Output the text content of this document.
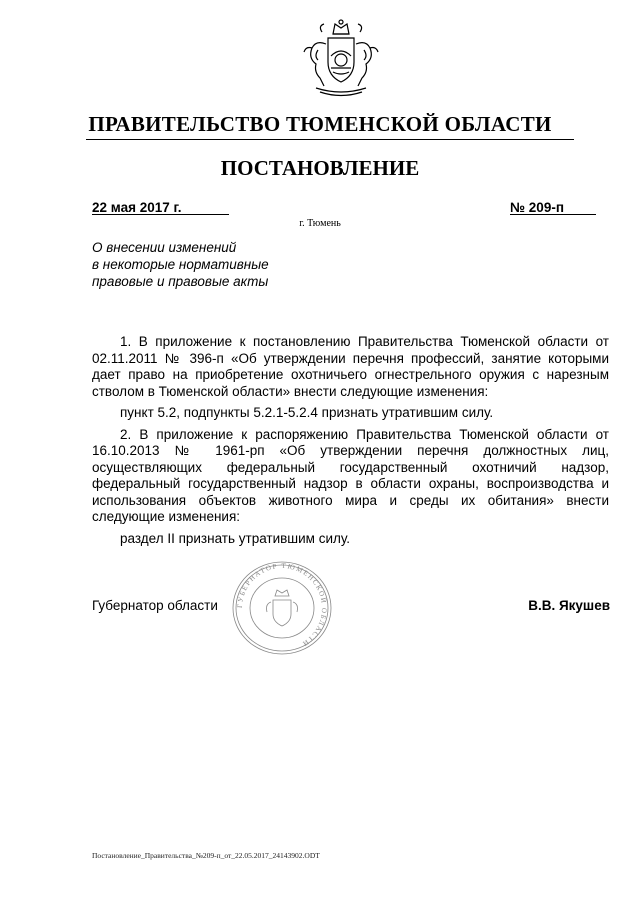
ПРАВИТЕЛЬСТВО ТЮМЕНСКОЙ ОБЛАСТИ
ПОСТАНОВЛЕНИЕ
22 мая 2017 г.	№ 209-п
г. Тюмень
О внесении изменений
в некоторые нормативные
правовые и правовые акты

1. В приложение к постановлению Правительства Тюменской области от 02.11.2011 № 396-п «Об утверждении перечня профессий, занятие которыми дает право на приобретение охотничьего огнестрельного оружия с нарезным стволом в Тюменской области» внести следующие изменения:

пункт 5.2, подпункты 5.2.1-5.2.4 признать утратившим силу.

2. В приложение к распоряжению Правительства Тюменской области от 16.10.2013 № 1961-рп «Об утверждении перечня должностных лиц, осуществляющих федеральный государственный охотничий надзор, федеральный государственный надзор в области охраны, воспроизводства и использования объектов животного мира и среды их обитания» внести следующие изменения:

раздел II признать утратившим силу.

ГУБЕРНАТОР ТЮМЕНСКОЙ ОБЛАСТИ
Губернатор области	В.В. Якушев
Постановление_Правительства_№209-п_от_22.05.2017_24143902.ODT
